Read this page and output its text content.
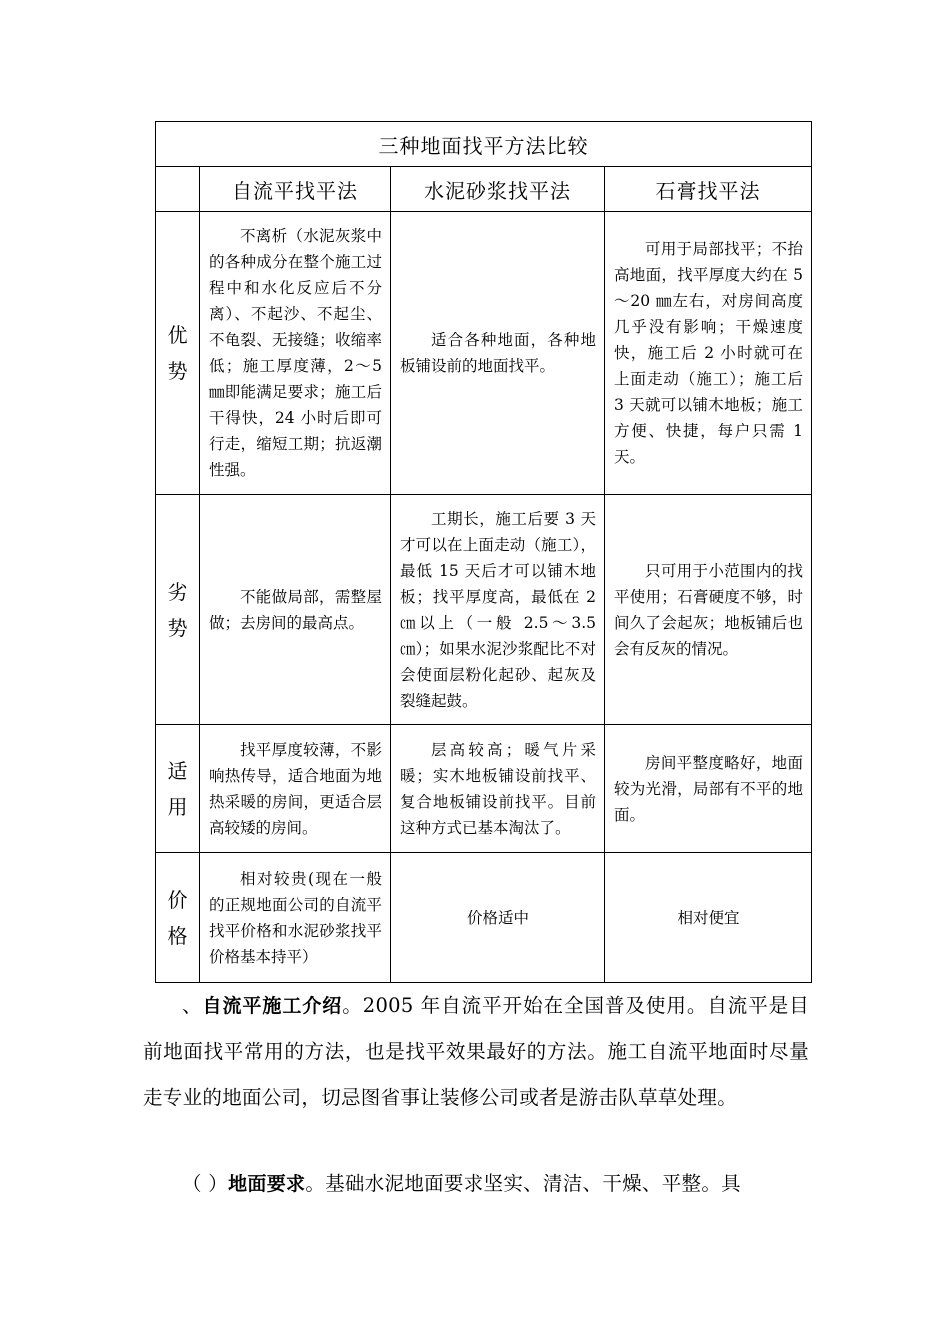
三种地面找平方法比较			
	自流平找平法	水泥砂浆找平法	石膏找平法

优
势	不离析（水泥灰浆中的各种成分在整个施工过程中和水化反应后不分离）、不起沙、不起尘、不龟裂、无接缝；收缩率低；施工厚度薄，2～5 ㎜即能满足要求；施工后干得快，24 小时后即可行走，缩短工期；抗返潮性强。	适合各种地面，各种地板铺设前的地面找平。	可用于局部找平；不抬高地面，找平厚度大约在 5～20 ㎜左右，对房间高度几乎没有影响；干燥速度快，施工后 2 小时就可在上面走动（施工）；施工后 3 天就可以铺木地板；施工方便、快捷，每户只需 1 天。

劣
势	不能做局部，需整屋做；去房间的最高点。	工期长，施工后要 3 天才可以在上面走动（施工），最低 15 天后才可以铺木地板；找平厚度高，最低在 2 ㎝以上（一般 2.5～3.5 ㎝）；如果水泥沙浆配比不对会使面层粉化起砂、起灰及裂缝起鼓。	只可用于小范围内的找平使用；石膏硬度不够，时间久了会起灰；地板铺后也会有反灰的情况。

适
用	找平厚度较薄，不影响热传导，适合地面为地热采暖的房间，更适合层高较矮的房间。	层高较高；暖气片采暖；实木地板铺设前找平、复合地板铺设前找平。目前这种方式已基本淘汰了。	房间平整度略好，地面较为光滑，局部有不平的地面。

价
格	相对较贵(现在一般的正规地面公司的自流平找平价格和水泥砂浆找平价格基本持平）	价格适中	相对便宜

、自流平施工介绍。2005 年自流平开始在全国普及使用。自流平是目前地面找平常用的方法，也是找平效果最好的方法。施工自流平地面时尽量走专业的地面公司，切忌图省事让装修公司或者是游击队草草处理。

（ ）地面要求。基础水泥地面要求坚实、清洁、干燥、平整。具
